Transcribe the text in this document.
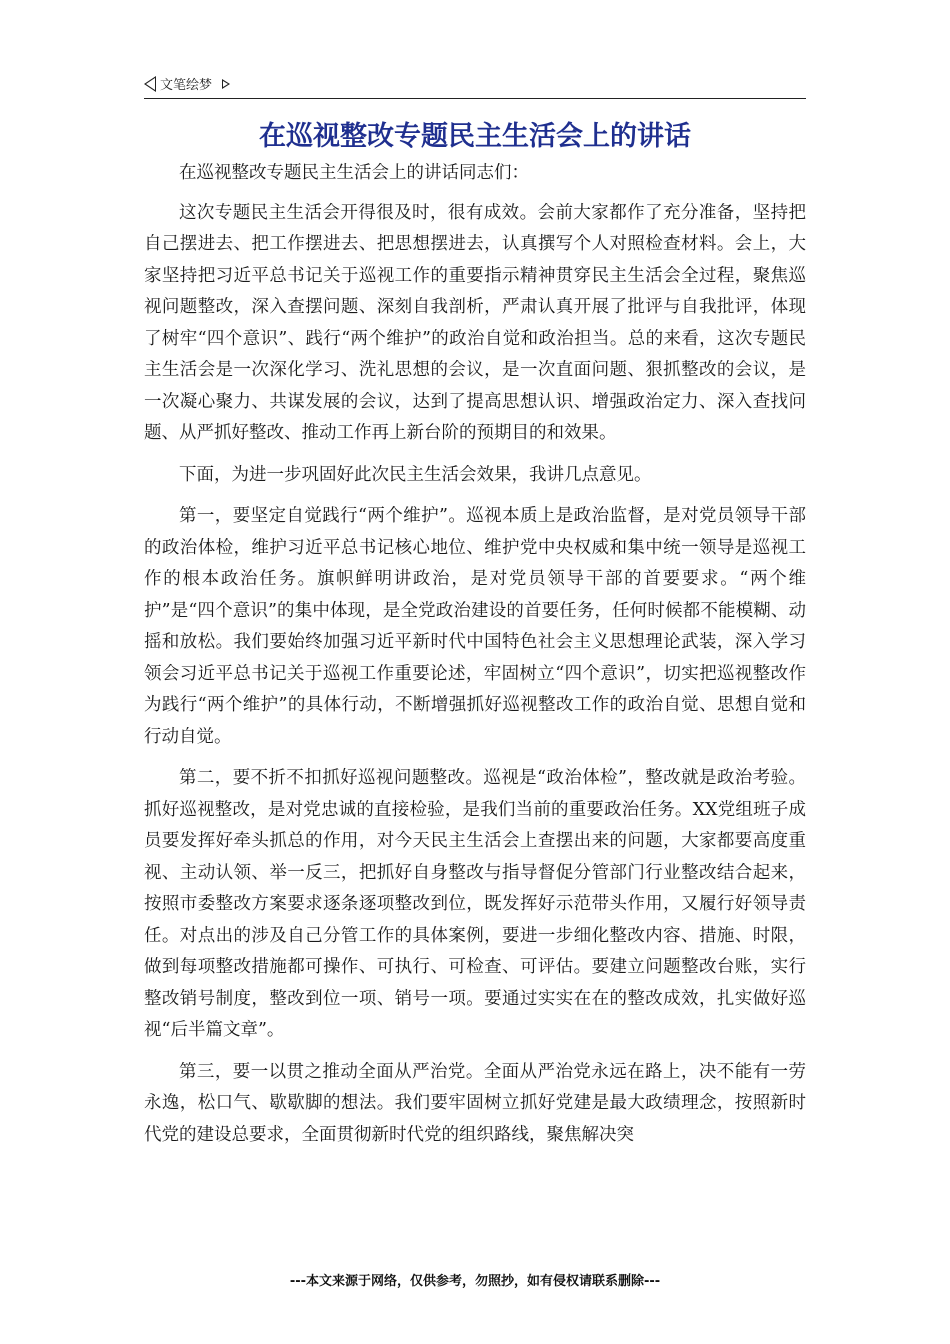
文笔绘梦
在巡视整改专题民主生活会上的讲话

在巡视整改专题民主生活会上的讲话同志们：

这次专题民主生活会开得很及时，很有成效。会前大家都作了充分准备，坚持把自己摆进去、把工作摆进去、把思想摆进去，认真撰写个人对照检查材料。会上，大家坚持把习近平总书记关于巡视工作的重要指示精神贯穿民主生活会全过程，聚焦巡视问题整改，深入查摆问题、深刻自我剖析，严肃认真开展了批评与自我批评，体现了树牢“四个意识”、践行“两个维护”的政治自觉和政治担当。总的来看，这次专题民主生活会是一次深化学习、洗礼思想的会议，是一次直面问题、狠抓整改的会议，是一次凝心聚力、共谋发展的会议，达到了提高思想认识、增强政治定力、深入查找问题、从严抓好整改、推动工作再上新台阶的预期目的和效果。

下面，为进一步巩固好此次民主生活会效果，我讲几点意见。

第一，要坚定自觉践行“两个维护”。巡视本质上是政治监督，是对党员领导干部的政治体检，维护习近平总书记核心地位、维护党中央权威和集中统一领导是巡视工作的根本政治任务。旗帜鲜明讲政治，是对党员领导干部的首要要求。“两个维护”是“四个意识”的集中体现，是全党政治建设的首要任务，任何时候都不能模糊、动摇和放松。我们要始终加强习近平新时代中国特色社会主义思想理论武装，深入学习领会习近平总书记关于巡视工作重要论述，牢固树立“四个意识”，切实把巡视整改作为践行“两个维护”的具体行动，不断增强抓好巡视整改工作的政治自觉、思想自觉和行动自觉。

第二，要不折不扣抓好巡视问题整改。巡视是“政治体检”，整改就是政治考验。抓好巡视整改，是对党忠诚的直接检验，是我们当前的重要政治任务。XX党组班子成员要发挥好牵头抓总的作用，对今天民主生活会上查摆出来的问题，大家都要高度重视、主动认领、举一反三，把抓好自身整改与指导督促分管部门行业整改结合起来，按照市委整改方案要求逐条逐项整改到位，既发挥好示范带头作用，又履行好领导责任。对点出的涉及自己分管工作的具体案例，要进一步细化整改内容、措施、时限，做到每项整改措施都可操作、可执行、可检查、可评估。要建立问题整改台账，实行整改销号制度，整改到位一项、销号一项。要通过实实在在的整改成效，扎实做好巡视“后半篇文章”。

第三，要一以贯之推动全面从严治党。全面从严治党永远在路上，决不能有一劳永逸，松口气、歇歇脚的想法。我们要牢固树立抓好党建是最大政绩理念，按照新时代党的建设总要求，全面贯彻新时代党的组织路线，聚焦解决突

---本文来源于网络，仅供参考，勿照抄，如有侵权请联系删除---
